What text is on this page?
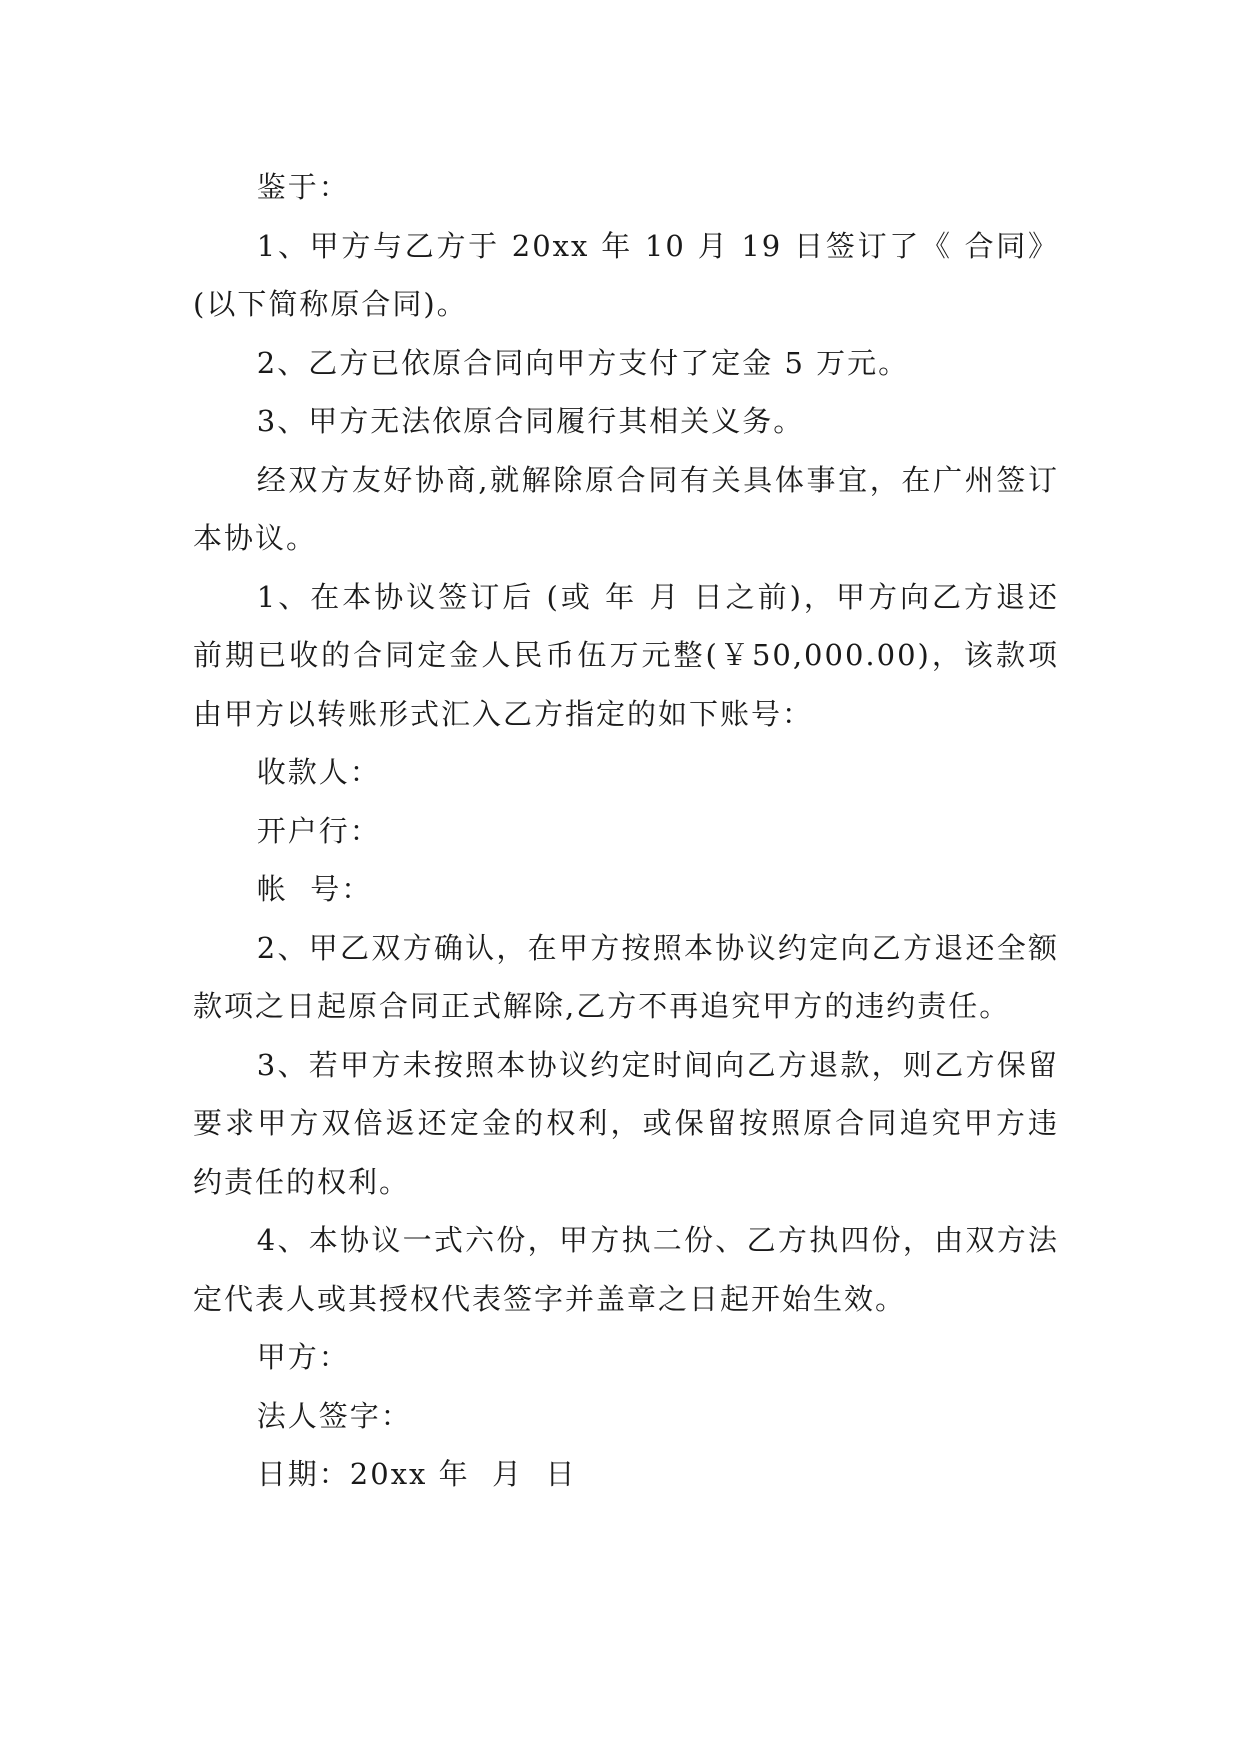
鉴于：

1、甲方与乙方于 20xx 年 10 月 19 日签订了《 合同》(以下简称原合同)。

2、乙方已依原合同向甲方支付了定金 5 万元。

3、甲方无法依原合同履行其相关义务。

经双方友好协商,就解除原合同有关具体事宜，在广州签订本协议。

1、在本协议签订后 (或 年 月 日之前)，甲方向乙方退还前期已收的合同定金人民币伍万元整(￥50,000.00)，该款项由甲方以转账形式汇入乙方指定的如下账号：

收款人：

开户行：

帐  号：

2、甲乙双方确认，在甲方按照本协议约定向乙方退还全额款项之日起原合同正式解除,乙方不再追究甲方的违约责任。

3、若甲方未按照本协议约定时间向乙方退款，则乙方保留要求甲方双倍返还定金的权利，或保留按照原合同追究甲方违约责任的权利。

4、本协议一式六份，甲方执二份、乙方执四份，由双方法定代表人或其授权代表签字并盖章之日起开始生效。

甲方：

法人签字：

日期：20xx 年  月  日
